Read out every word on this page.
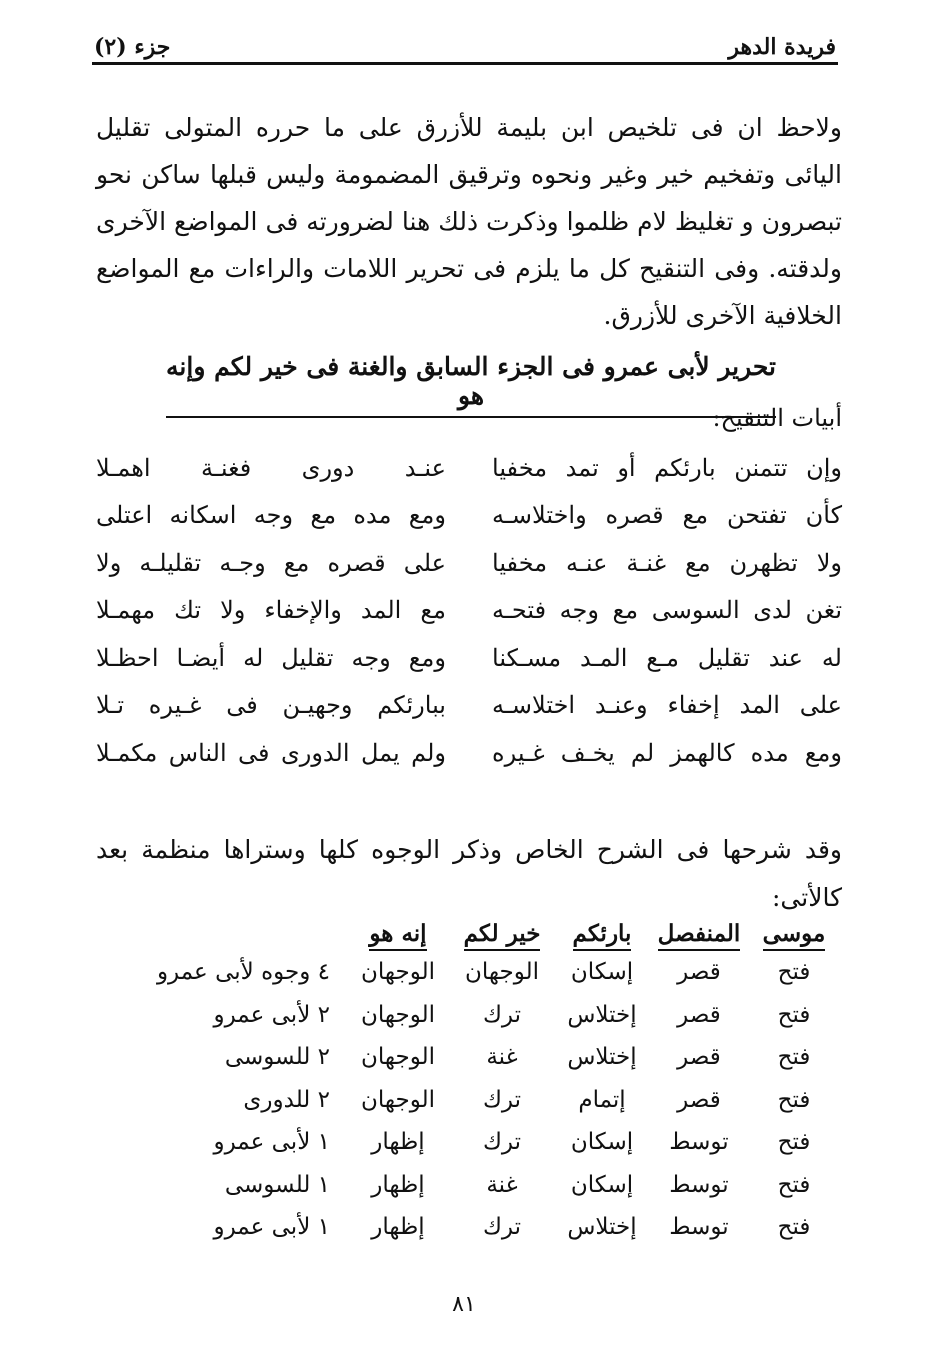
فريدة الدهر
جزء (٢)

ولاحظ ان فى تلخيص ابن بليمة للأزرق على ما حرره المتولى تقليل اليائى وتفخيم خير وغير ونحوه وترقيق المضمومة وليس قبلها ساكن نحو تبصرون و تغليظ لام ظلموا وذكرت ذلك هنا لضرورته فى المواضع الآخرى ولدقته. وفى التنقيح كل ما يلزم فى تحرير اللامات والراءات مع المواضع الخلافية الآخرى للأزرق.

تحرير لأبى عمرو فى الجزء السابق والغنة فى خير لكم وإنه هو
أبيات التنقيح:
وإن تتمنن بارئكم أو تمد مخفيا
عنـد دورى فغنـة اهمـلا
كأن تفتحن مع قصره واختلاسـه
ومع مده مع وجه اسكانه اعتلى
ولا تظهرن مع غنـة عنـه مخفيا
على قصره مع وجـه تقليلـه ولا
تغن لدى السوسى مع وجه فتحـه
مع المد والإخفاء ولا تك مهمـلا
له عند تقليل مـع المـد مسـكنا
ومع وجه تقليل له أيضـا احظـلا
على المد إخفاء وعنـد اختلاسـه
ببارئكم وجهيـن فى غـيره تـلا
ومع مده كالهمز لم يخـف غـيره
ولم يمل الدورى فى الناس مكمـلا

وقد شرحها فى الشرح الخاص وذكر الوجوه كلها وستراها منظمة بعد كالأتى:

موسى	المنفصل	بارئكم	خير لكم	إنه هو	
فتح	قصر	إسكان	الوجهان	الوجهان	٤ وجوه لأبى عمرو
فتح	قصر	إختلاس	ترك	الوجهان	٢ لأبى عمرو
فتح	قصر	إختلاس	غنة	الوجهان	٢ للسوسى
فتح	قصر	إتمام	ترك	الوجهان	٢ للدورى
فتح	توسط	إسكان	ترك	إظهار	١ لأبى عمرو
فتح	توسط	إسكان	غنة	إظهار	١ للسوسى
فتح	توسط	إختلاس	ترك	إظهار	١ لأبى عمرو
٨١
